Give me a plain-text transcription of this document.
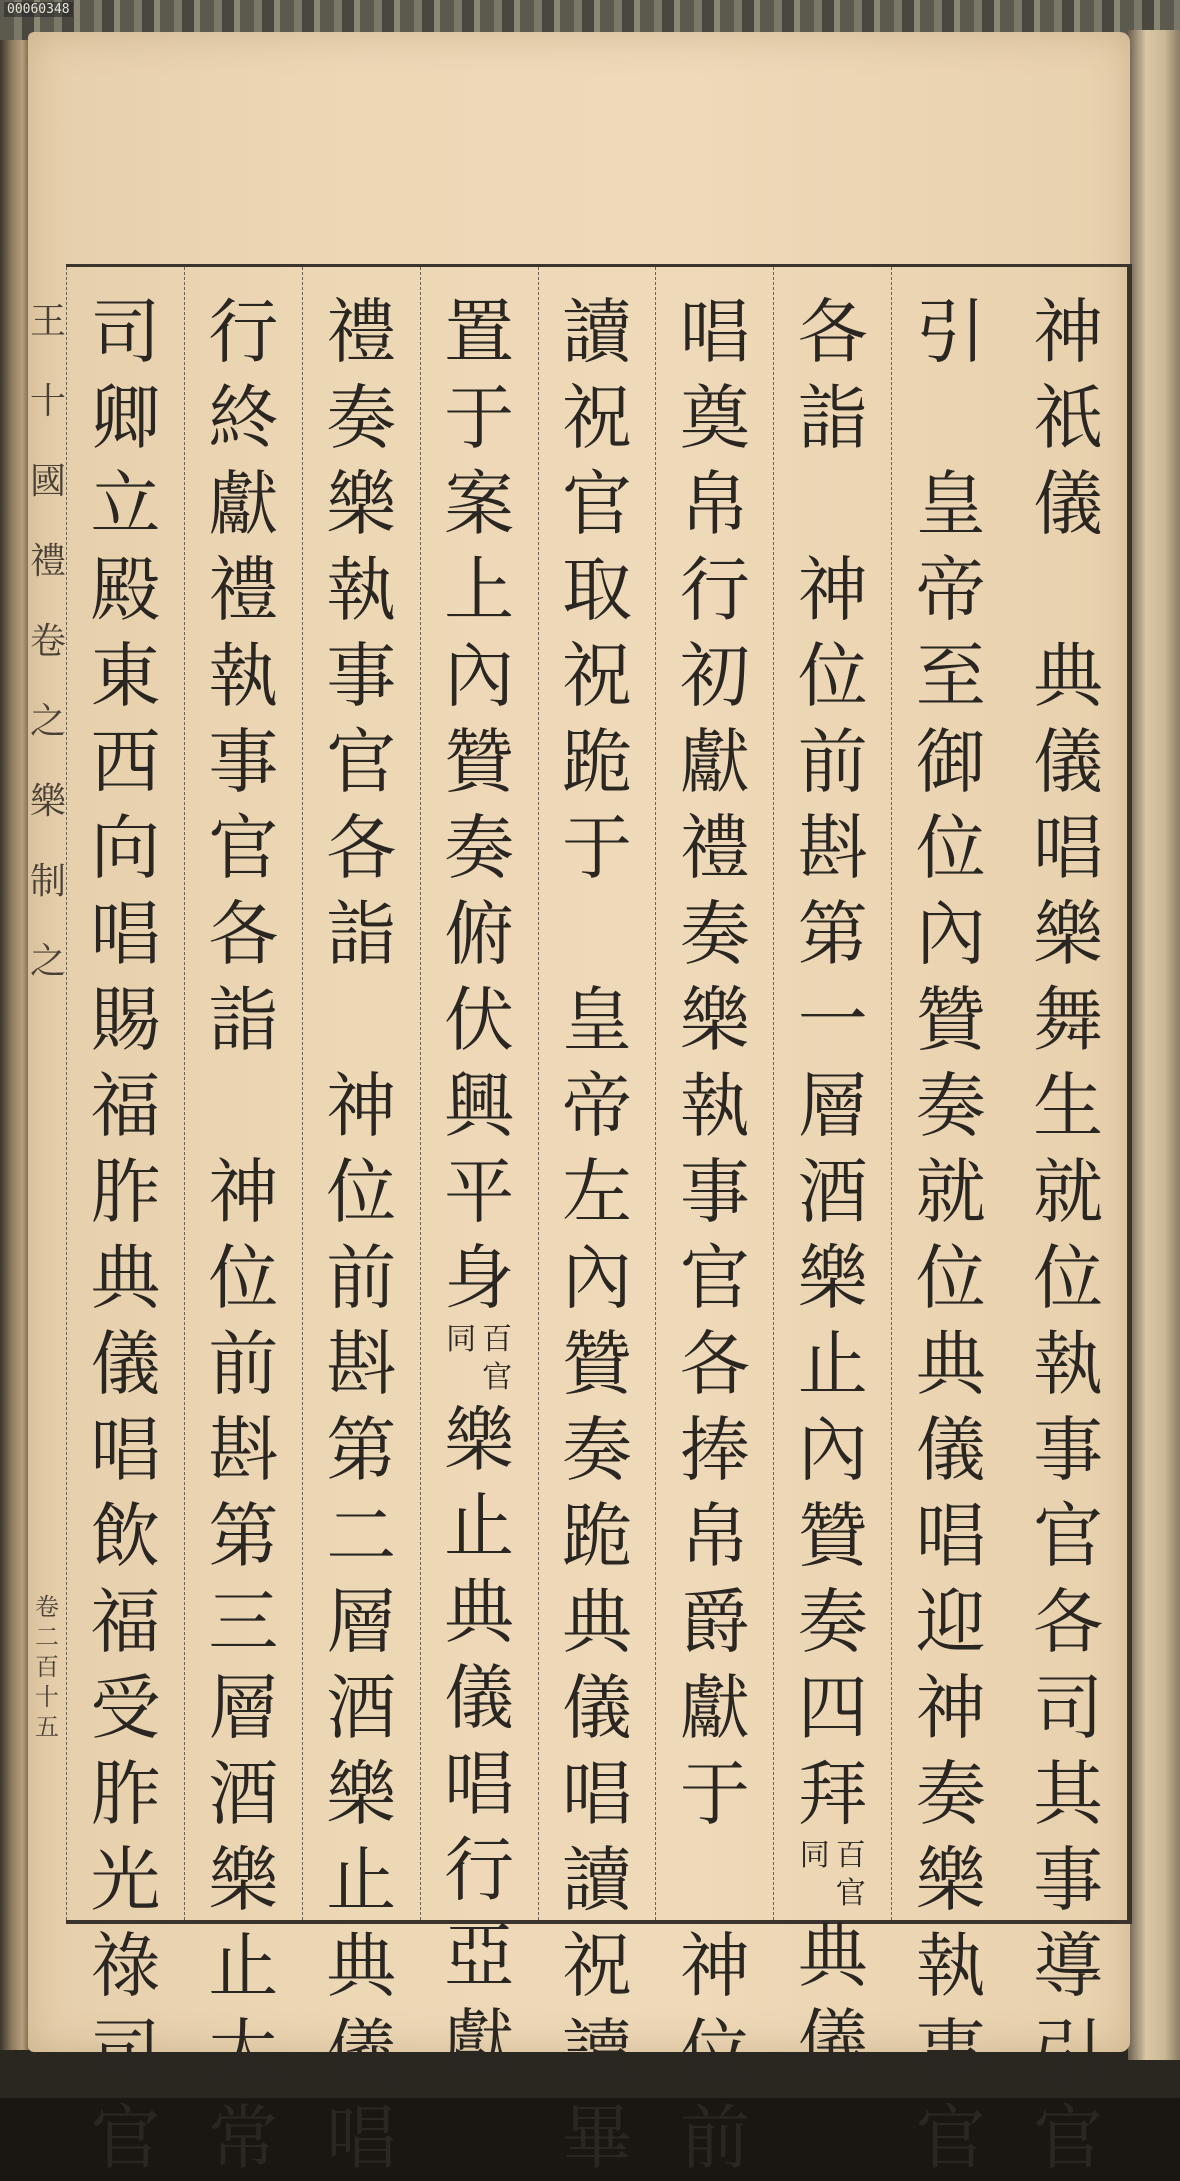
00060348
王
十
國
禮
卷
之
樂
制
之
卷
二
百
十
五
神
祇
儀
典
儀
唱
樂
舞
生
就
位
執
事
官
各
司
其
事
導
引
官
引
皇
帝
至
御
位
內
贊
奏
就
位
典
儀
唱
迎
神
奏
樂
執
事
官
各
詣
神
位
前
斟
第
一
層
酒
樂
止
內
贊
奏
四
拜
百
官
同
典
儀
唱
奠
帛
行
初
獻
禮
奏
樂
執
事
官
各
捧
帛
爵
獻
于
神
位
前
讀
祝
官
取
祝
跪
于
皇
帝
左
內
贊
奏
跪
典
儀
唱
讀
祝
讀
畢
置
于
案
上
內
贊
奏
俯
伏
興
平
身
百
官
同
樂
止
典
儀
唱
行
亞
獻
禮
奏
樂
執
事
官
各
詣
神
位
前
斟
第
二
層
酒
樂
止
典
儀
唱
行
終
獻
禮
執
事
官
各
詣
神
位
前
斟
第
三
層
酒
樂
止
太
常
司
卿
立
殿
東
西
向
唱
賜
福
胙
典
儀
唱
飲
福
受
胙
光
祿
司
官
